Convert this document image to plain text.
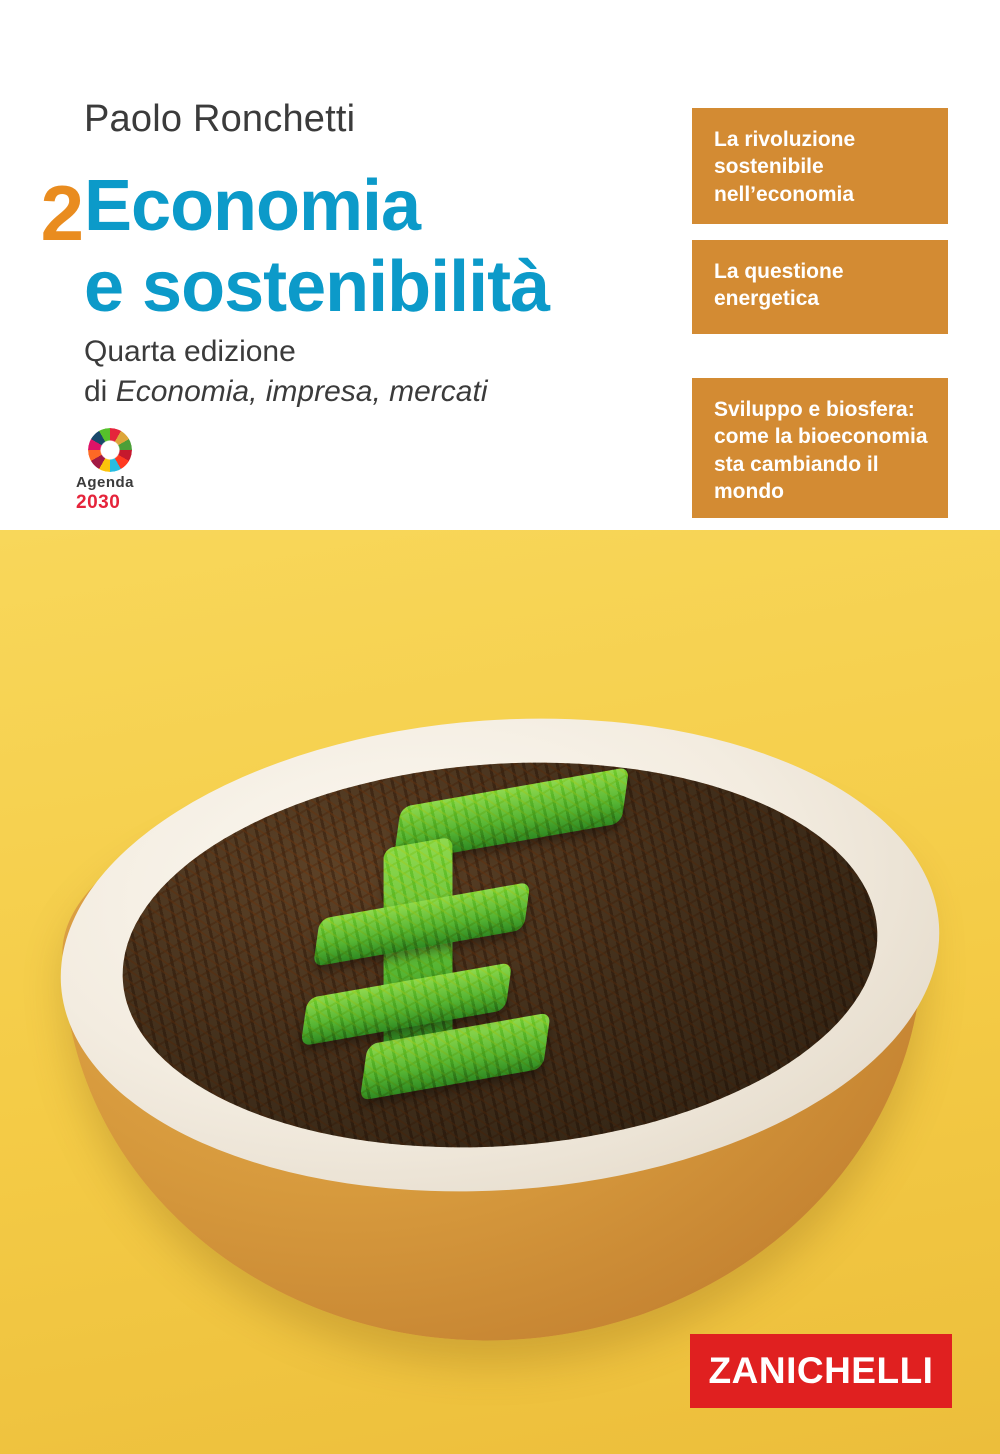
Paolo Ronchetti
2 Economia
e sostenibilità
Quarta edizione
di Economia, impresa, mercati
Agenda
2030
La rivoluzione sostenibile nell’economia
La questione energetica
Sviluppo e biosfera: come la bioeconomia sta cambiando il mondo
ZANICHELLI
